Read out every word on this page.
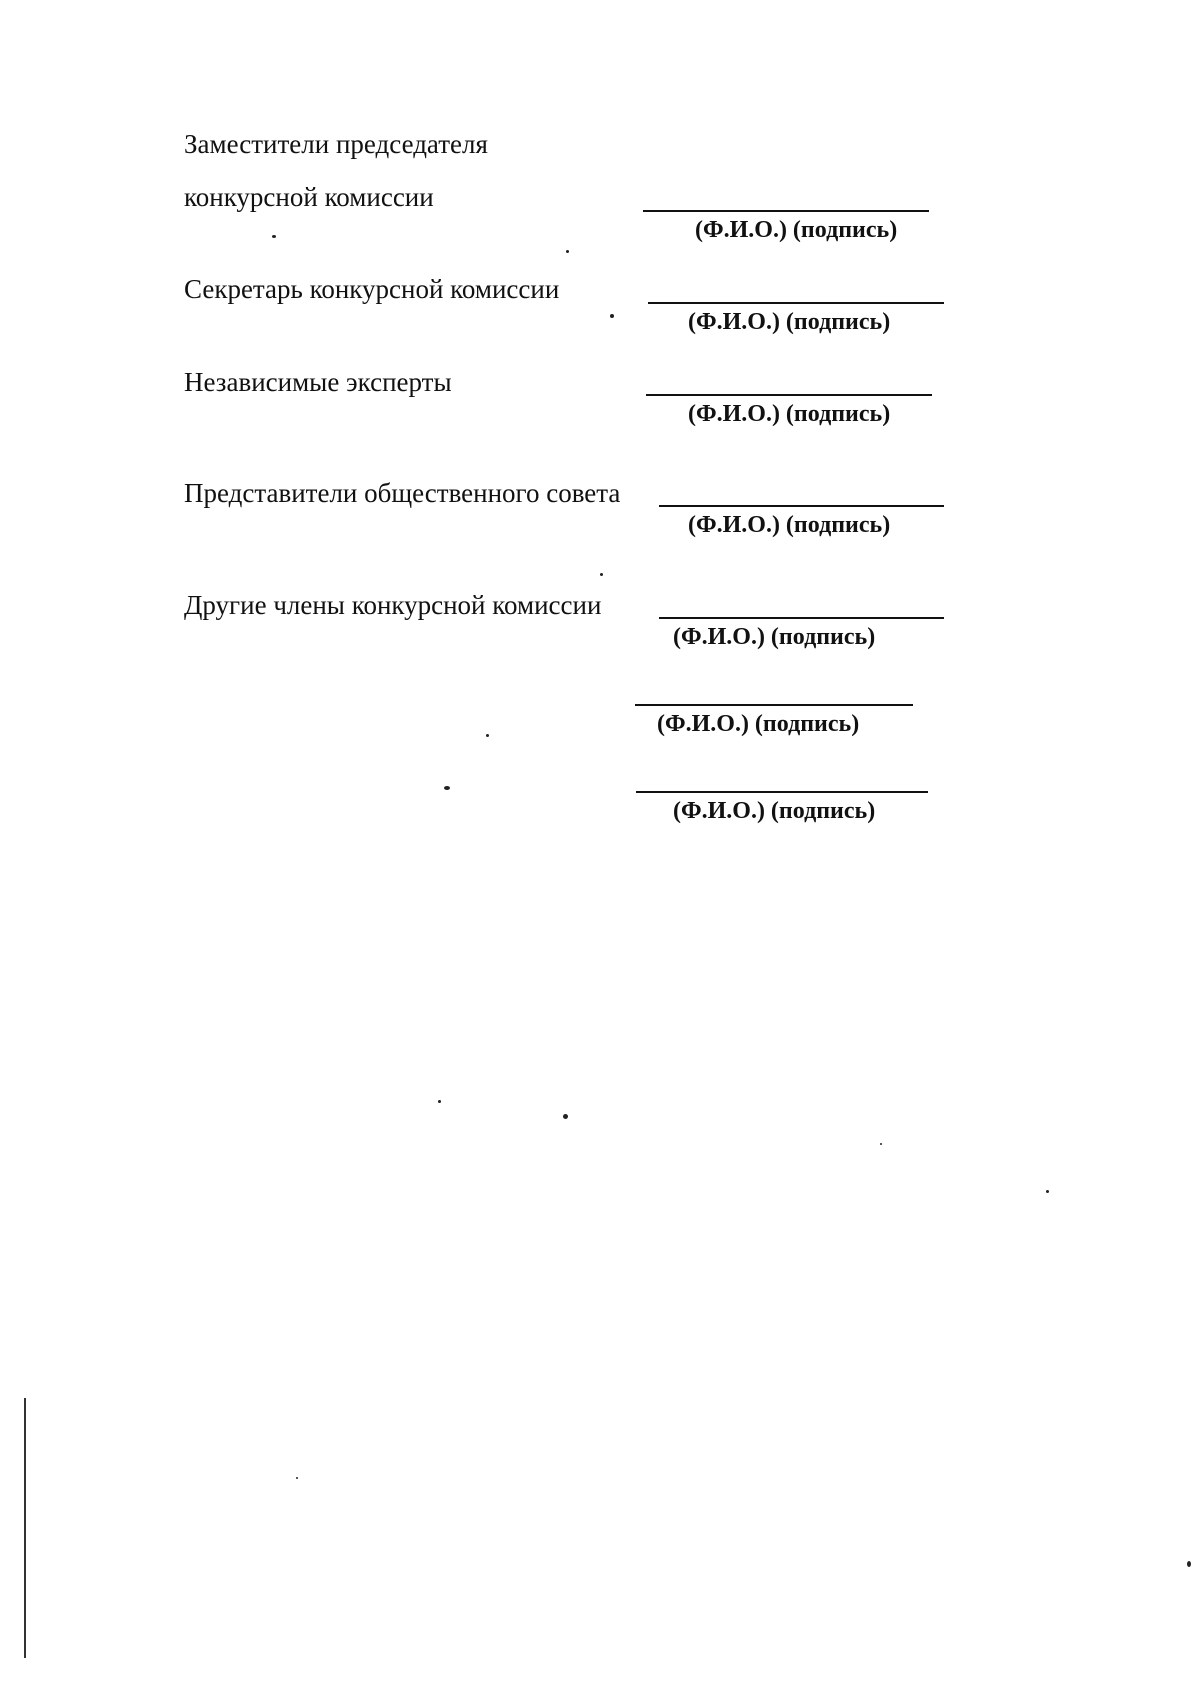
Заместители председателя
конкурсной комиссии
Секретарь конкурсной комиссии
Независимые эксперты
Представители общественного совета
Другие члены конкурсной комиссии
(Ф.И.О.) (подпись)
(Ф.И.О.) (подпись)
(Ф.И.О.) (подпись)
(Ф.И.О.) (подпись)
(Ф.И.О.) (подпись)
(Ф.И.О.) (подпись)
(Ф.И.О.) (подпись)
